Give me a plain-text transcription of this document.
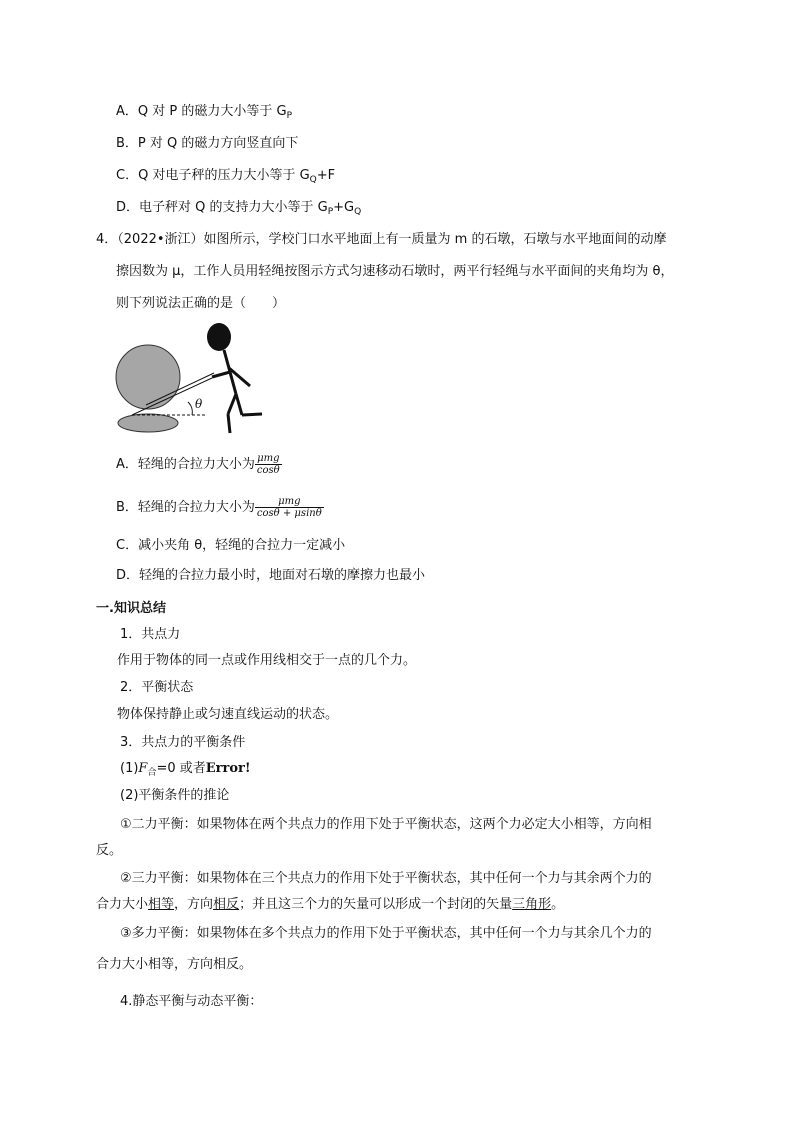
A．Q 对 P 的磁力大小等于 $G_P$
B．P 对 Q 的磁力方向竖直向下
C．Q 对电子秤的压力大小等于 $G_Q+F$
D．电子秤对 Q 的支持力大小等于 $G_P+G_Q$
4．（2022•浙江）如图所示，学校门口水平地面上有一质量为 m 的石墩，石墩与水平地面间的动摩
擦因数为 μ，工作人员用轻绳按图示方式匀速移动石墩时，两平行轻绳与水平面间的夹角均为 θ，
则下列说法正确的是（　　）
θ
A．轻绳的合拉力大小为 $\frac{\text{μmg}}{\cos\theta}$
B．轻绳的合拉力大小为 $\frac{\text{μmg}}{\cos\theta + \mu\sin\theta}$
C．减小夹角 θ，轻绳的合拉力一定减小
D．轻绳的合拉力最小时，地面对石墩的摩擦力也最小
一.知识总结
1．共点力
作用于物体的同一点或作用线相交于一点的几个力。
2．平衡状态
物体保持静止或匀速直线运动的状态。
3．共点力的平衡条件
$(1)F_合=0$ 或者Error!
(2)平衡条件的推论
①二力平衡：如果物体在两个共点力的作用下处于平衡状态，这两个力必定大小相等，方向相
反。
②三力平衡：如果物体在三个共点力的作用下处于平衡状态，其中任何一个力与其余两个力的
合力大小相等，方向相反；并且这三个力的矢量可以形成一个封闭的矢量三角形。
③多力平衡：如果物体在多个共点力的作用下处于平衡状态，其中任何一个力与其余几个力的
合力大小相等，方向相反。
4.静态平衡与动态平衡：
